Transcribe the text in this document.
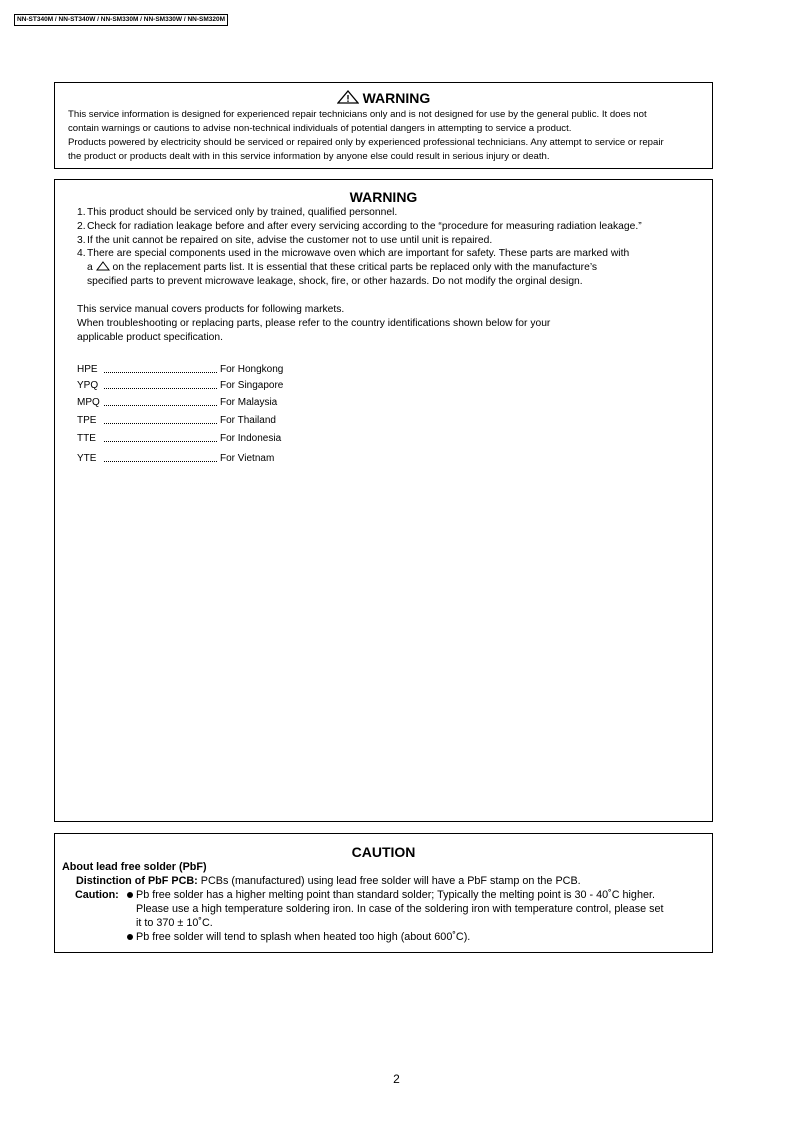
NN-ST340M / NN-ST340W / NN-SM330M / NN-SM330W / NN-SM320M
WARNING
This service information is designed for experienced repair technicians only and is not designed for use by the general public. It does not
contain warnings or cautions to advise non-technical individuals of potential dangers in attempting to service a product.
Products powered by electricity should be serviced or repaired only by experienced professional technicians. Any attempt to service or repair
the product or products dealt with in this service information by anyone else could result in serious injury or death.
WARNING
1. This product should be serviced only by trained, qualified personnel.
2. Check for radiation leakage before and after every servicing according to the “procedure for measuring radiation leakage.”
3. If the unit cannot be repaired on site, advise the customer not to use until unit is repaired.
4. There are special components used in the microwave oven which are important for safety. These parts are marked with
a on the replacement parts list. It is essential that these critical parts be replaced only with the manufacture’s
specified parts to prevent microwave leakage, shock, fire, or other hazards. Do not modify the orginal design.
This service manual covers products for following markets.
When troubleshooting or replacing parts, please refer to the country identifications shown below for your
applicable product specification.
HPE	For Hongkong
YPQ	For Singapore
MPQ	For Malaysia
TPE	For Thailand
TTE	For Indonesia
YTE	For Vietnam
CAUTION
About lead free solder (PbF)
Distinction of PbF PCB: PCBs (manufactured) using lead free solder will have a PbF stamp on the PCB.
Caution: Pb free solder has a higher melting point than standard solder; Typically the melting point is 30 - 40˚C higher.
Please use a high temperature soldering iron. In case of the soldering iron with temperature control, please set
it to 370 ± 10˚C.
Pb free solder will tend to splash when heated too high (about 600˚C).
2
